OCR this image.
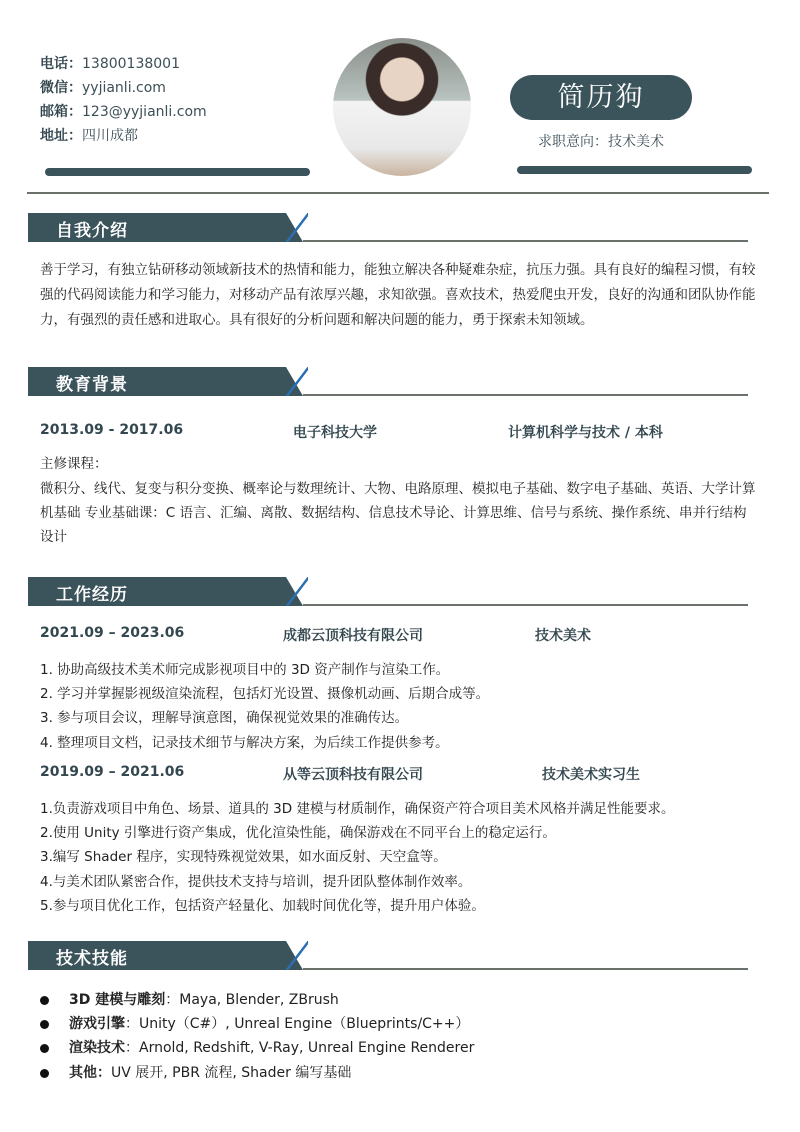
电话：13800138001
微信：yyjianli.com
邮箱：123@yyjianli.com
地址：四川成都
简历狗
求职意向：技术美术
自我介绍
善于学习，有独立钻研移动领域新技术的热情和能力，能独立解决各种疑难杂症，抗压力强。具有良好的编程习惯，有较强的代码阅读能力和学习能力，对移动产品有浓厚兴趣，求知欲强。喜欢技术，热爱爬虫开发，良好的沟通和团队协作能力，有强烈的责任感和进取心。具有很好的分析问题和解决问题的能力，勇于探索未知领域。
教育背景
2013.09 - 2017.06	电子科技大学	计算机科学与技术 / 本科
主修课程：
微积分、线代、复变与积分变换、概率论与数理统计、大物、电路原理、模拟电子基础、数字电子基础、英语、大学计算机基础 专业基础课：C 语言、汇编、离散、数据结构、信息技术导论、计算思维、信号与系统、操作系统、串并行结构设计
工作经历
2021.09 – 2023.06	成都云顶科技有限公司	技术美术
1. 协助高级技术美术师完成影视项目中的 3D 资产制作与渲染工作。
2. 学习并掌握影视级渲染流程，包括灯光设置、摄像机动画、后期合成等。
3. 参与项目会议，理解导演意图，确保视觉效果的准确传达。
4. 整理项目文档，记录技术细节与解决方案，为后续工作提供参考。
2019.09 – 2021.06	从等云顶科技有限公司	技术美术实习生
1.负责游戏项目中角色、场景、道具的 3D 建模与材质制作，确保资产符合项目美术风格并满足性能要求。
2.使用 Unity 引擎进行资产集成，优化渲染性能，确保游戏在不同平台上的稳定运行。
3.编写 Shader 程序，实现特殊视觉效果，如水面反射、天空盒等。
4.与美术团队紧密合作，提供技术支持与培训，提升团队整体制作效率。
5.参与项目优化工作，包括资产轻量化、加载时间优化等，提升用户体验。
技术技能
3D 建模与雕刻：Maya, Blender, ZBrush
游戏引擎：Unity（C#）, Unreal Engine（Blueprints/C++）
渲染技术：Arnold, Redshift, V-Ray, Unreal Engine Renderer
其他：UV 展开, PBR 流程, Shader 编写基础
